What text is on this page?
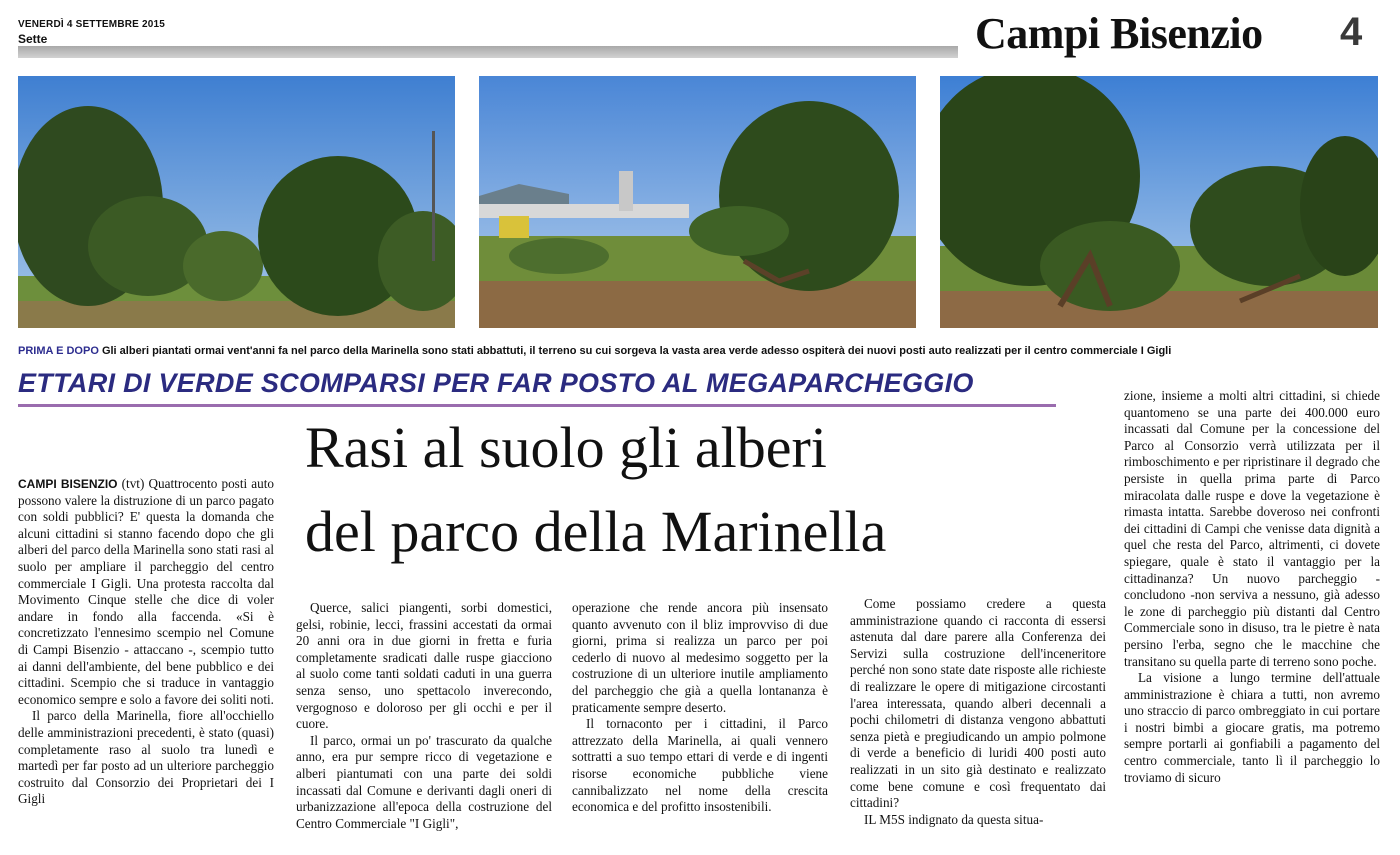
VENERDÌ 4 SETTEMBRE 2015
Sette	Campi Bisenzio 4
PRIMA E DOPO Gli alberi piantati ormai vent'anni fa nel parco della Marinella sono stati abbattuti, il terreno su cui sorgeva la vasta area verde adesso ospiterà dei nuovi posti auto realizzati per il centro commerciale I Gigli
ETTARI DI VERDE SCOMPARSI PER FAR POSTO AL MEGAPARCHEGGIO
Rasi al suolo gli alberi
del parco della Marinella

CAMPI BISENZIO (tvt) Quattrocento posti auto possono valere la distruzione di un parco pagato con soldi pubblici? E' questa la domanda che alcuni cittadini si stanno facendo dopo che gli alberi del parco della Marinella sono stati rasi al suolo per ampliare il parcheggio del centro commerciale I Gigli. Una protesta raccolta dal Movimento Cinque stelle che dice di voler andare in fondo alla faccenda. «Si è concretizzato l'ennesimo scempio nel Comune di Campi Bisenzio - attaccano -, scempio tutto ai danni dell'ambiente, del bene pubblico e dei cittadini. Scempio che si traduce in vantaggio economico sempre e solo a favore dei soliti noti.

Il parco della Marinella, fiore all'occhiello delle amministrazioni precedenti, è stato (quasi) completamente raso al suolo tra lunedì e martedì per far posto ad un ulteriore parcheggio costruito dal Consorzio dei Proprietari dei I Gigli

Querce, salici piangenti, sorbi domestici, gelsi, robinie, lecci, frassini accestati da ormai 20 anni ora in due giorni in fretta e furia completamente sradicati dalle ruspe giacciono al suolo come tanti soldati caduti in una guerra senza senso, uno spettacolo inverecondo, vergognoso e doloroso per gli occhi e per il cuore.

Il parco, ormai un po' trascurato da qualche anno, era pur sempre ricco di vegetazione e alberi piantumati con una parte dei soldi incassati dal Comune e derivanti dagli oneri di urbanizzazione all'epoca della costruzione del Centro Commerciale "I Gigli",

operazione che rende ancora più insensato quanto avvenuto con il bliz improvviso di due giorni, prima si realizza un parco per poi cederlo di nuovo al medesimo soggetto per la costruzione di un ulteriore inutile ampliamento del parcheggio che già a quella lontananza è praticamente sempre deserto.

Il tornaconto per i cittadini, il Parco attrezzato della Marinella, ai quali vennero sottratti a suo tempo ettari di verde e di ingenti risorse economiche pubbliche viene cannibalizzato nel nome della crescita economica e del profitto insostenibili.

Come possiamo credere a questa amministrazione quando ci racconta di essersi astenuta dal dare parere alla Conferenza dei Servizi sulla costruzione dell'inceneritore perché non sono state date risposte alle richieste di realizzare le opere di mitigazione circostanti l'area interessata, quando alberi decennali a pochi chilometri di distanza vengono abbattuti senza pietà e pregiudicando un ampio polmone di verde a beneficio di luridi 400 posti auto realizzati in un sito già destinato e realizzato come bene comune e così frequentato dai cittadini?

IL M5S indignato da questa situa-

zione, insieme a molti altri cittadini, si chiede quantomeno se una parte dei 400.000 euro incassati dal Comune per la concessione del Parco al Consorzio verrà utilizzata per il rimboschimento e per ripristinare il degrado che persiste in quella prima parte di Parco miracolata dalle ruspe e dove la vegetazione è rimasta intatta. Sarebbe doveroso nei confronti dei cittadini di Campi che venisse data dignità a quel che resta del Parco, altrimenti, ci dovete spiegare, quale è stato il vantaggio per la cittadinanza? Un nuovo parcheggio - concludono -non serviva a nessuno, già adesso le zone di parcheggio più distanti dal Centro Commerciale sono in disuso, tra le pietre è nata persino l'erba, segno che le macchine che transitano su quella parte di terreno sono poche.

La visione a lungo termine dell'attuale amministrazione è chiara a tutti, non avremo uno straccio di parco ombreggiato in cui portare i nostri bimbi a giocare gratis, ma potremo sempre portarli ai gonfiabili a pagamento del centro commerciale, tanto lì il parcheggio lo troviamo di sicuro
